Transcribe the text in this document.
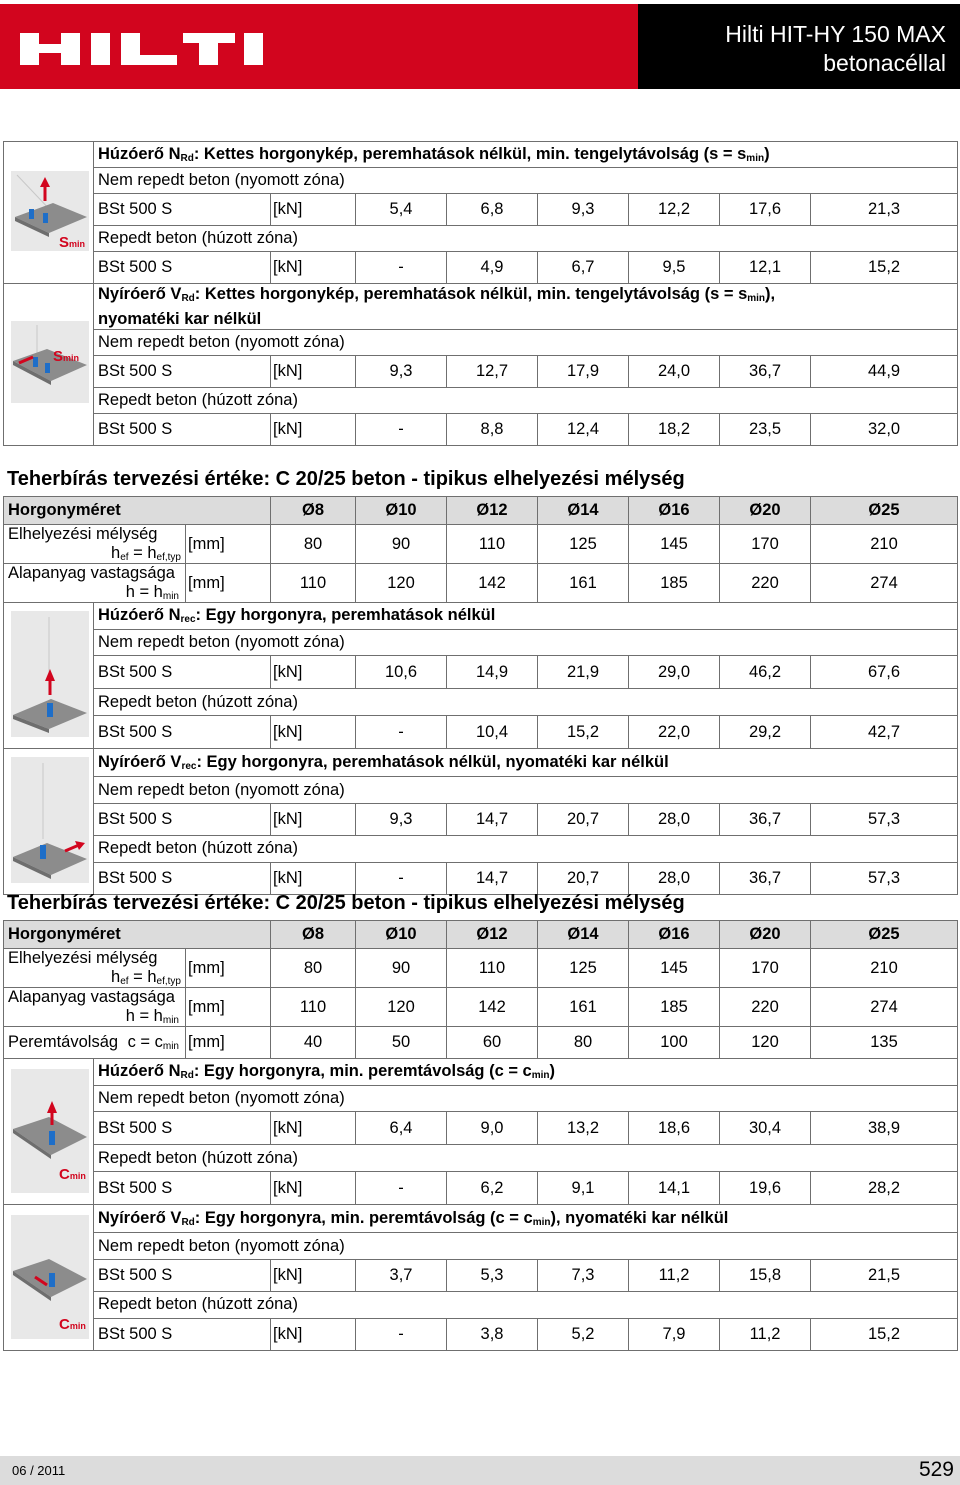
Hilti HIT-HY 150 MAX
betonacéllal
Smin	Húzóerő $N_{Rd}$: Kettes horgonykép, peremhatások nélkül, min. tengelytávolság $(s = s_{min})$								
	Nem repedt beton (nyomott zóna)								
	BSt 500 S	[kN]	5,4	6,8	9,3	12,2	17,6	21,3	
	Repedt beton (húzott zóna)								
	BSt 500 S	[kN]	-	4,9	6,7	9,5	12,1	15,2	

Smin	Nyíróerő $V_{Rd}$: Kettes horgonykép, peremhatások nélkül, min. tengelytávolság $(s = s_{min})$,
nyomatéki kar nélkül								

	Nem repedt beton (nyomott zóna)								
	BSt 500 S	[kN]	9,3	12,7	17,9	24,0	36,7	44,9	
	Repedt beton (húzott zóna)								
	BSt 500 S	[kN]	-	8,8	12,4	18,2	23,5	32,0	
Teherbírás tervezési értéke: C 20/25 beton - tipikus elhelyezési mélység
Horgonyméret			Ø8	Ø10	Ø12	Ø14	Ø16	Ø20	Ø25	
Elhelyezési mélység
$h_{ef} = h_{ef,typ}$		[mm]	80	90	110	125	145	170	210	
Alapanyag vastagsága
$h = h_{min}$		[mm]	110	120	142	161	185	220	274	
	Húzóerő $N_{rec}$: Egy horgonyra, peremhatások nélkül									
	Nem repedt beton (nyomott zóna)									
	BSt 500 S		[kN]	10,6	14,9	21,9	29,0	46,2	67,6	
	Repedt beton (húzott zóna)									
	BSt 500 S		[kN]	-	10,4	15,2	22,0	29,2	42,7	
	Nyíróerő $V_{rec}$: Egy horgonyra, peremhatások nélkül, nyomatéki kar nélkül									
	Nem repedt beton (nyomott zóna)									
	BSt 500 S		[kN]	9,3	14,7	20,7	28,0	36,7	57,3	
	Repedt beton (húzott zóna)									
	BSt 500 S		[kN]	-	14,7	20,7	28,0	36,7	57,3	
Teherbírás tervezési értéke: C 20/25 beton - tipikus elhelyezési mélység
Horgonyméret			Ø8	Ø10	Ø12	Ø14	Ø16	Ø20	Ø25	
Elhelyezési mélység
$h_{ef} = h_{ef,typ}$		[mm]	80	90	110	125	145	170	210	
Alapanyag vastagsága
$h = h_{min}$		[mm]	110	120	142	161	185	220	274	
Peremtávolság $c = c_{min}$		[mm]	40	50	60	80	100	120	135	

Cmin	Húzóerő $N_{Rd}$: Egy horgonyra, min. peremtávolság $(c = c_{min})$									
	Nem repedt beton (nyomott zóna)									
	BSt 500 S		[kN]	6,4	9,0	13,2	18,6	30,4	38,9	
	Repedt beton (húzott zóna)									
	BSt 500 S		[kN]	-	6,2	9,1	14,1	19,6	28,2	

Cmin	Nyíróerő $V_{Rd}$: Egy horgonyra, min. peremtávolság $(c = c_{min})$, nyomatéki kar nélkül									
	Nem repedt beton (nyomott zóna)									
	BSt 500 S		[kN]	3,7	5,3	7,3	11,2	15,8	21,5	
	Repedt beton (húzott zóna)									
	BSt 500 S		[kN]	-	3,8	5,2	7,9	11,2	15,2	
06 / 2011	529
